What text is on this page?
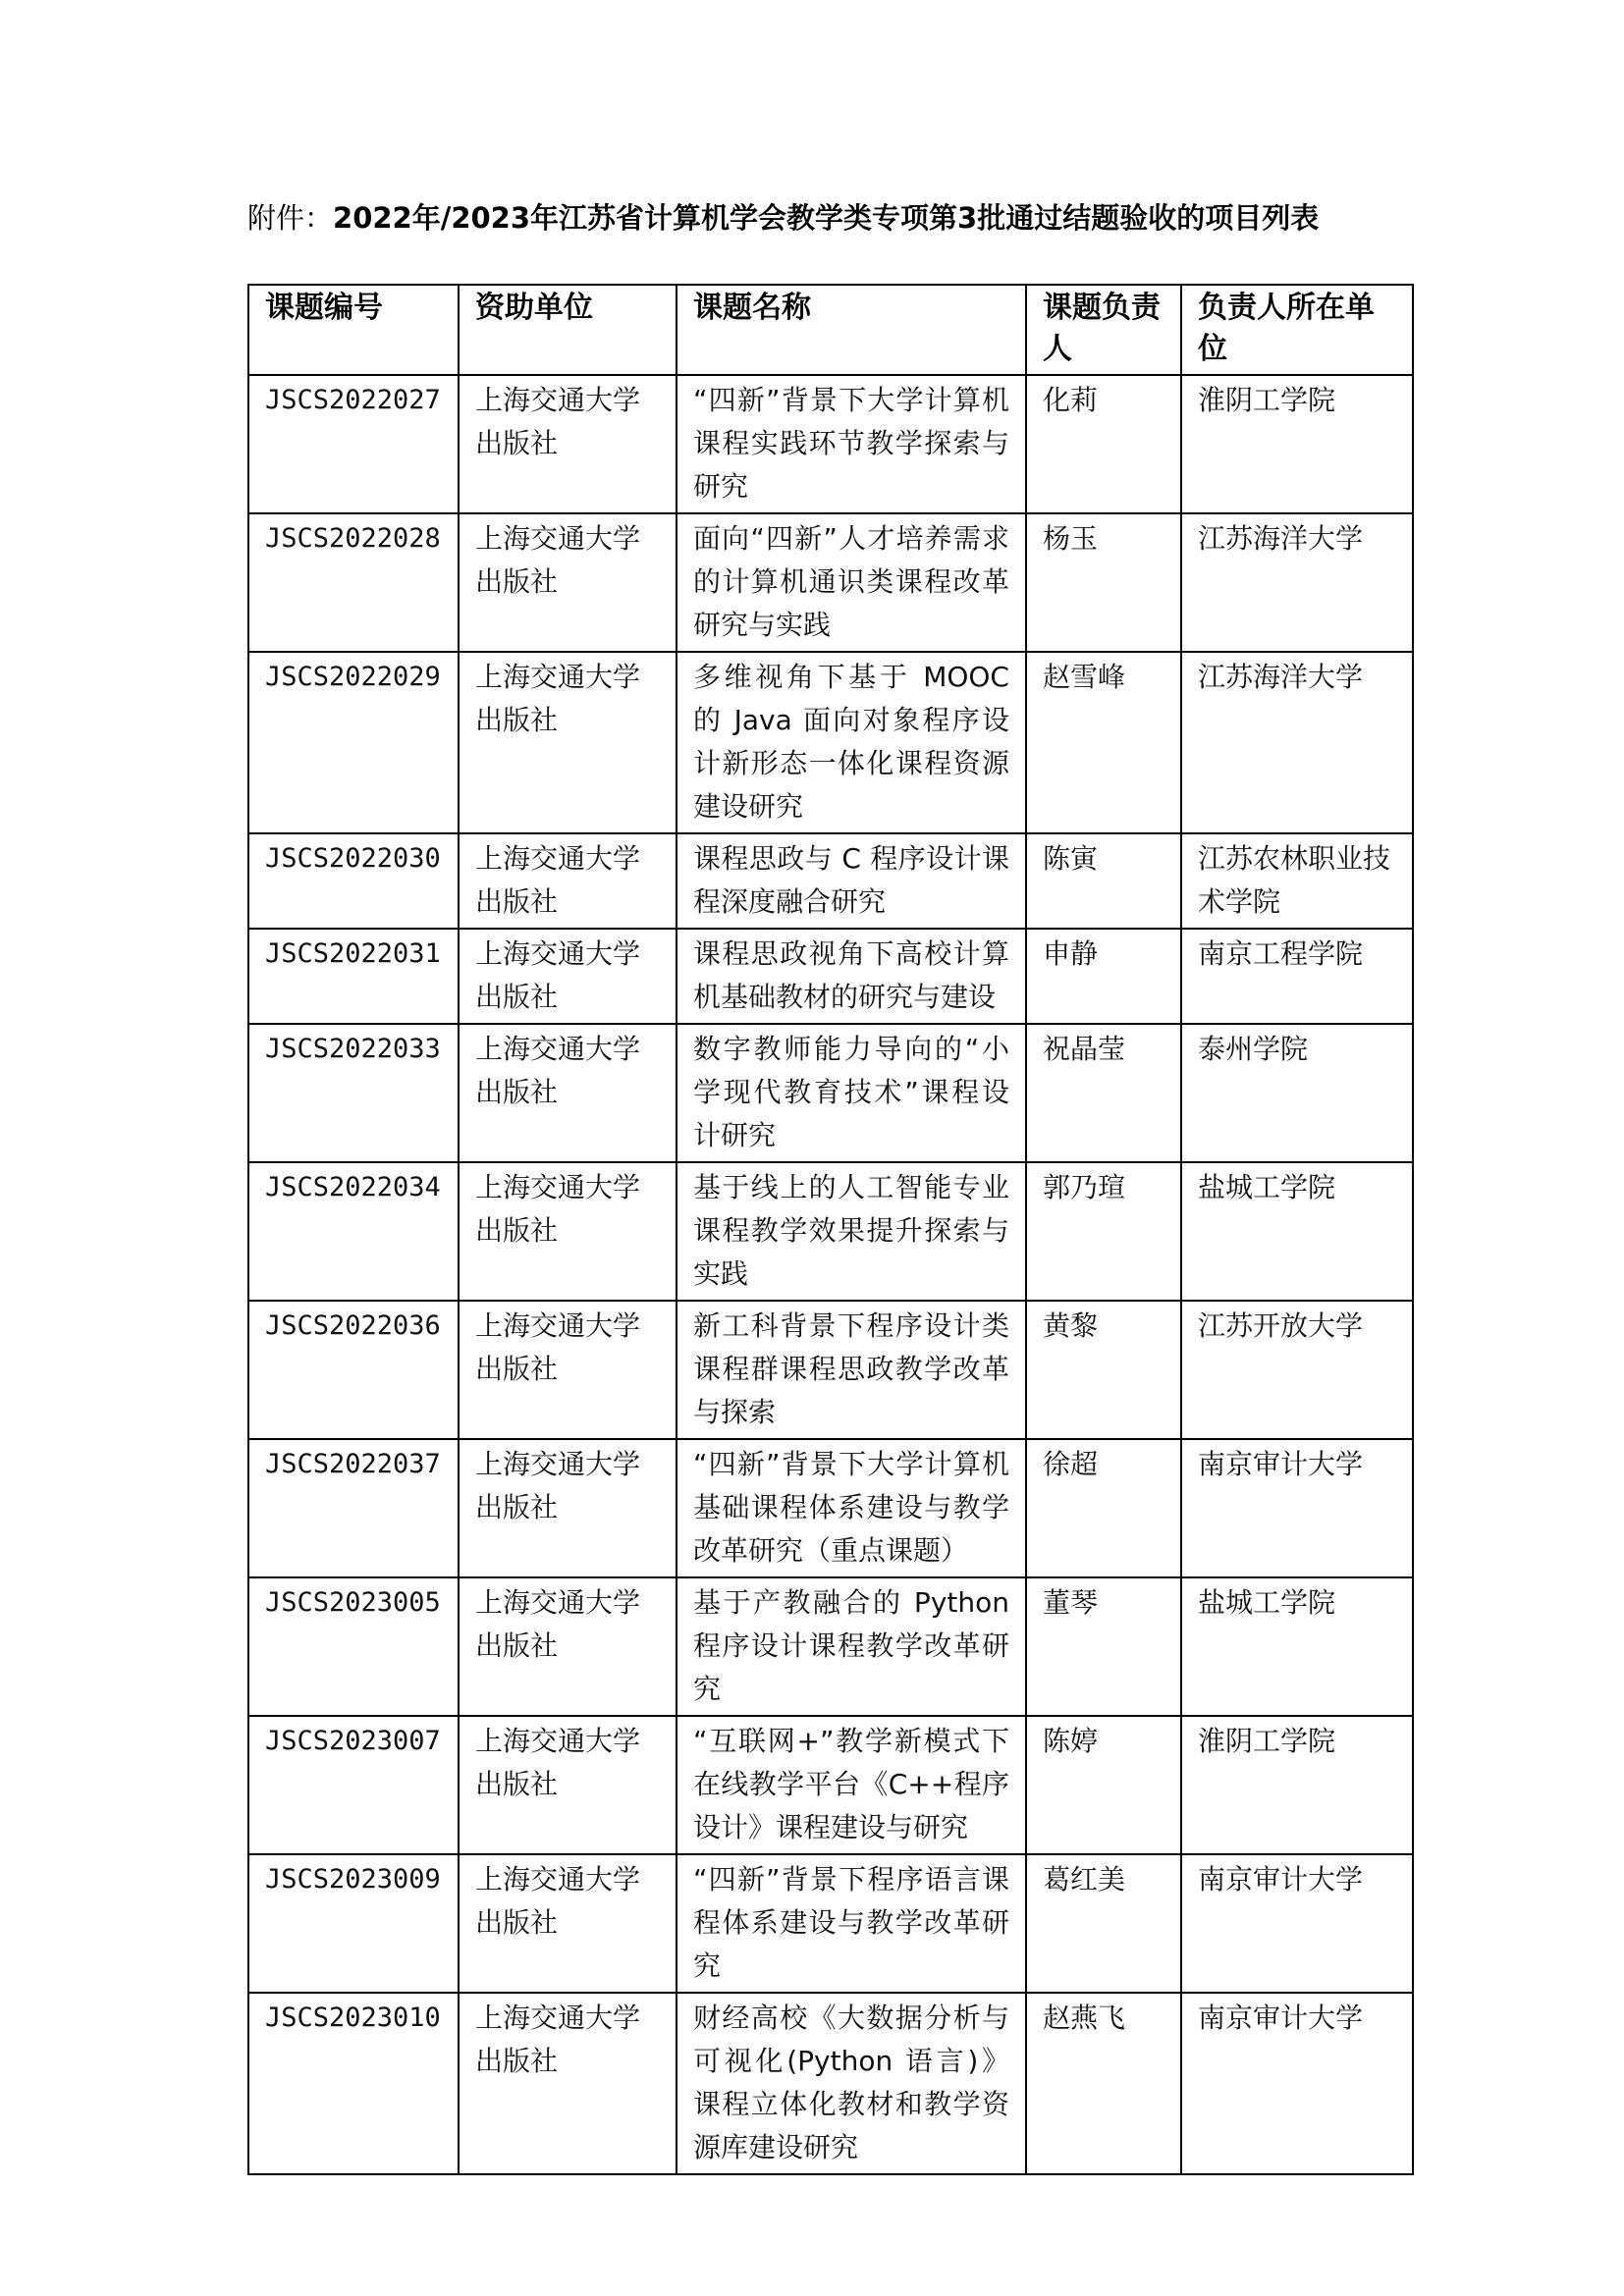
附件：2022年/2023年江苏省计算机学会教学类专项第3批通过结题验收的项目列表
课题编号	资助单位	课题名称	课题负责人	负责人所在单位
JSCS2022027	上海交通大学出版社	“四新”背景下大学计算机课程实践环节教学探索与研究	化莉	淮阴工学院
JSCS2022028	上海交通大学出版社	面向“四新”人才培养需求的计算机通识类课程改革研究与实践	杨玉	江苏海洋大学
JSCS2022029	上海交通大学出版社	多维视角下基于 MOOC 的 Java 面向对象程序设计新形态一体化课程资源建设研究	赵雪峰	江苏海洋大学
JSCS2022030	上海交通大学出版社	课程思政与 C 程序设计课程深度融合研究	陈寅	江苏农林职业技术学院
JSCS2022031	上海交通大学出版社	课程思政视角下高校计算机基础教材的研究与建设	申静	南京工程学院
JSCS2022033	上海交通大学出版社	数字教师能力导向的“小学现代教育技术”课程设计研究	祝晶莹	泰州学院
JSCS2022034	上海交通大学出版社	基于线上的人工智能专业课程教学效果提升探索与实践	郭乃瑄	盐城工学院
JSCS2022036	上海交通大学出版社	新工科背景下程序设计类课程群课程思政教学改革与探索	黄黎	江苏开放大学
JSCS2022037	上海交通大学出版社	“四新”背景下大学计算机基础课程体系建设与教学改革研究（重点课题）	徐超	南京审计大学
JSCS2023005	上海交通大学出版社	基于产教融合的 Python 程序设计课程教学改革研究	董琴	盐城工学院
JSCS2023007	上海交通大学出版社	“互联网+”教学新模式下在线教学平台《C++程序设计》课程建设与研究	陈婷	淮阴工学院
JSCS2023009	上海交通大学出版社	“四新”背景下程序语言课程体系建设与教学改革研究	葛红美	南京审计大学
JSCS2023010	上海交通大学出版社	财经高校《大数据分析与可视化(Python 语言)》课程立体化教材和教学资源库建设研究	赵燕飞	南京审计大学
